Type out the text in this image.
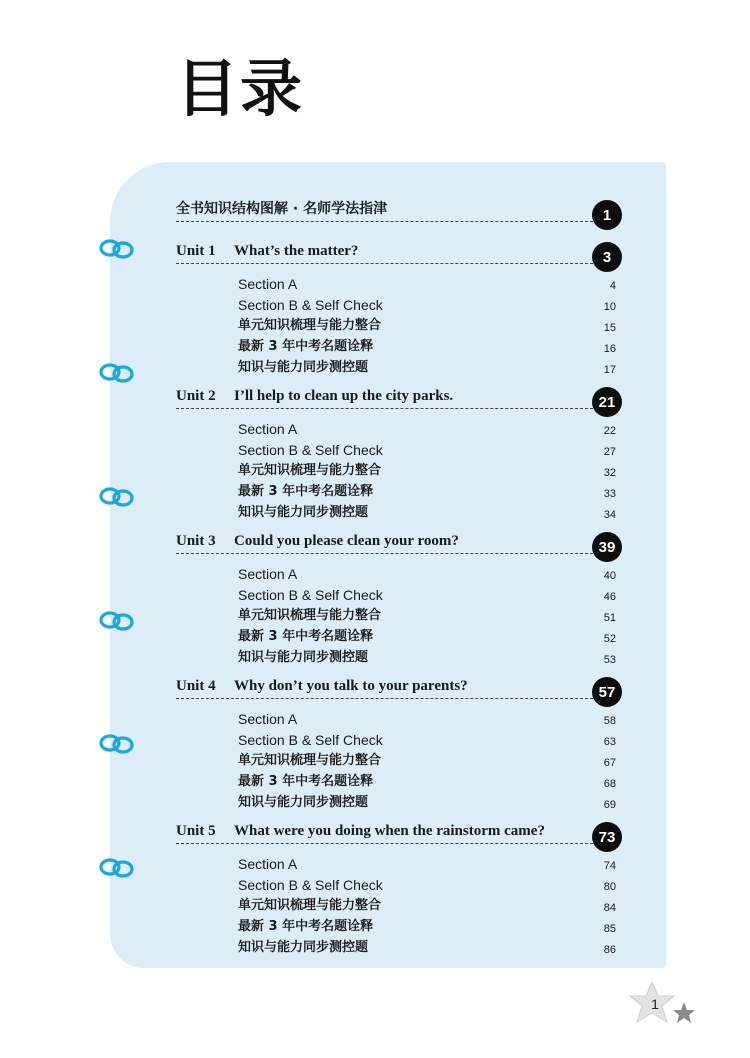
目录
全书知识结构图解 · 名师学法指津	1
Unit 1 What’s the matter?	3
Section A	4
Section B & Self Check	10
单元知识梳理与能力整合	15
最新 3 年中考名题诠释	16
知识与能力同步测控题	17
Unit 2 I’ll help to clean up the city parks.	21
Section A	22
Section B & Self Check	27
单元知识梳理与能力整合	32
最新 3 年中考名题诠释	33
知识与能力同步测控题	34
Unit 3 Could you please clean your room?	39
Section A	40
Section B & Self Check	46
单元知识梳理与能力整合	51
最新 3 年中考名题诠释	52
知识与能力同步测控题	53
Unit 4 Why don’t you talk to your parents?	57
Section A	58
Section B & Self Check	63
单元知识梳理与能力整合	67
最新 3 年中考名题诠释	68
知识与能力同步测控题	69
Unit 5 What were you doing when the rainstorm came?	73
Section A	74
Section B & Self Check	80
单元知识梳理与能力整合	84
最新 3 年中考名题诠释	85
知识与能力同步测控题	86
1
